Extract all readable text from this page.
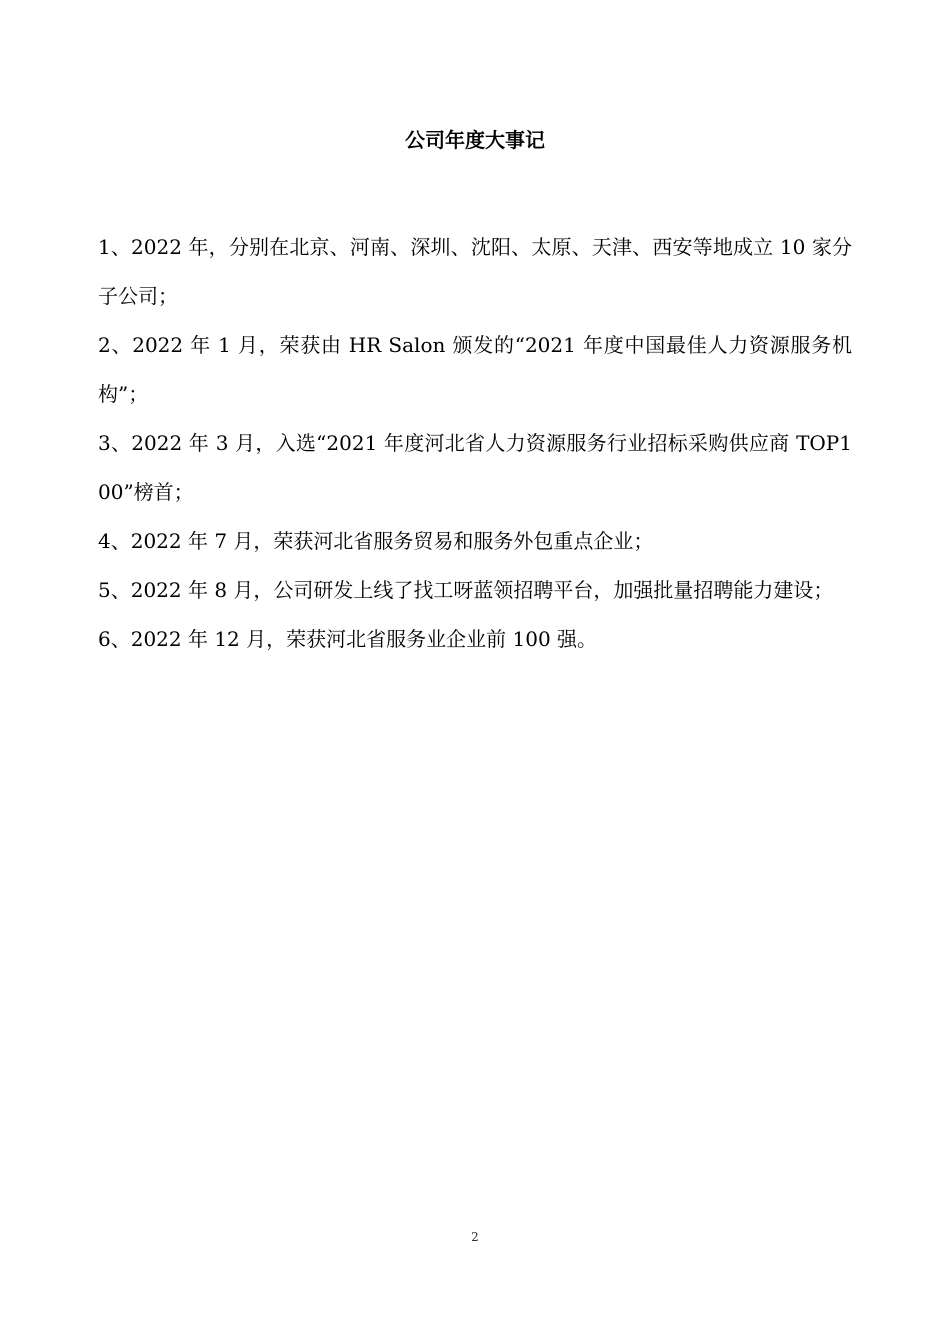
公司年度大事记
1、2022 年，分别在北京、河南、深圳、沈阳、太原、天津、西安等地成立 10 家分子公司；
2、2022 年 1 月，荣获由 HR Salon 颁发的“2021 年度中国最佳人力资源服务机构”；
3、2022 年 3 月，入选“2021 年度河北省人力资源服务行业招标采购供应商 TOP100”榜首；
4、2022 年 7 月，荣获河北省服务贸易和服务外包重点企业；
5、2022 年 8 月，公司研发上线了找工呀蓝领招聘平台，加强批量招聘能力建设；
6、2022 年 12 月，荣获河北省服务业企业前 100 强。
2
